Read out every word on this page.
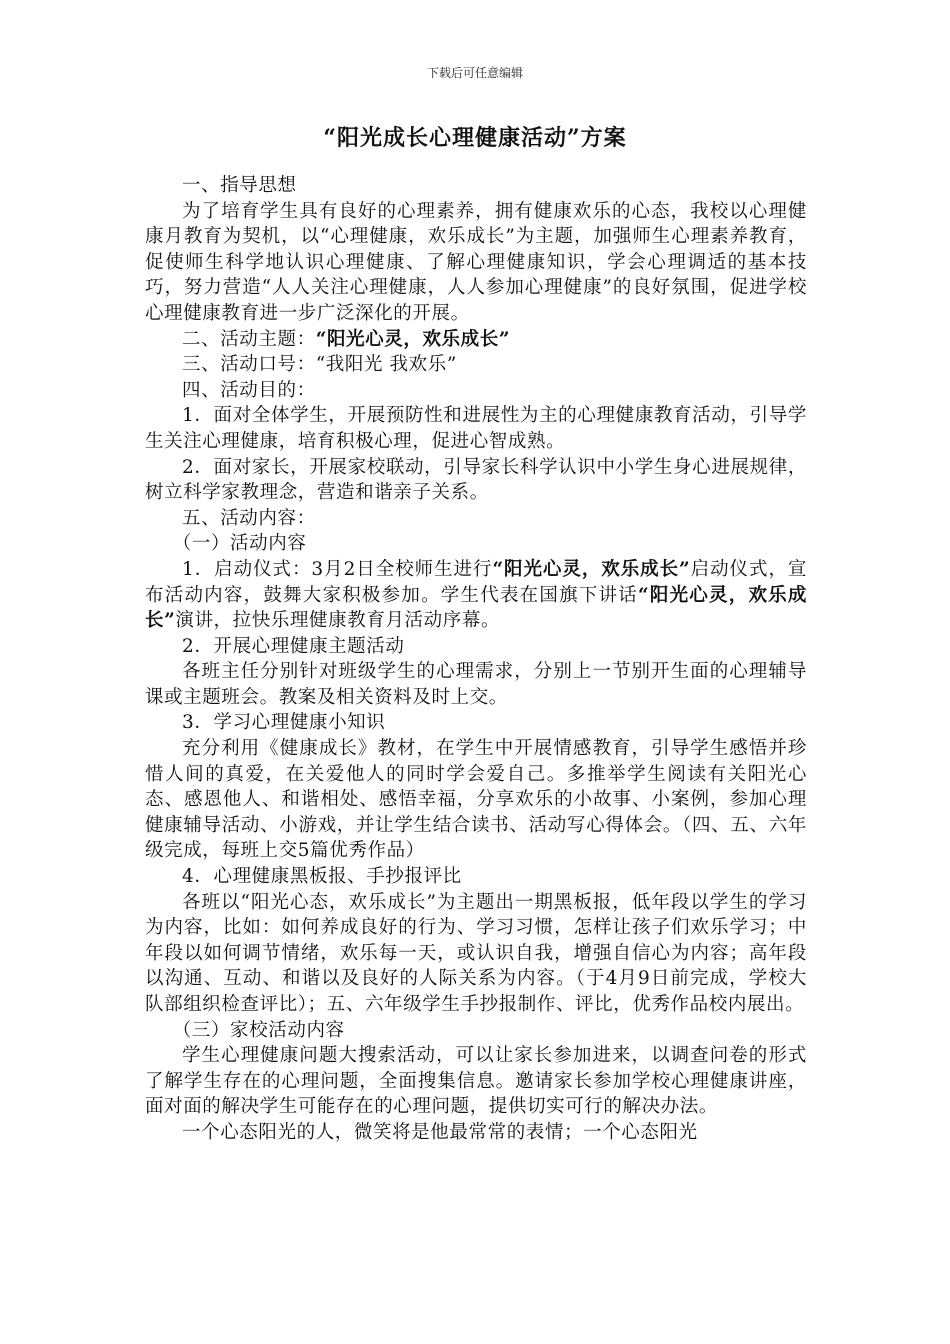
下载后可任意编辑
“阳光成长心理健康活动”方案

一、指导思想

为了培育学生具有良好的心理素养，拥有健康欢乐的心态，我校以心理健康月教育为契机，以“心理健康，欢乐成长”为主题，加强师生心理素养教育，促使师生科学地认识心理健康、了解心理健康知识，学会心理调适的基本技巧，努力营造“人人关注心理健康，人人参加心理健康”的良好氛围，促进学校心理健康教育进一步广泛深化的开展。

二、活动主题：“阳光心灵，欢乐成长”

三、活动口号：“我阳光 我欢乐”

四、活动目的：

1．面对全体学生，开展预防性和进展性为主的心理健康教育活动，引导学生关注心理健康，培育积极心理，促进心智成熟。

2．面对家长，开展家校联动，引导家长科学认识中小学生身心进展规律，树立科学家教理念，营造和谐亲子关系。

五、活动内容：

（一）活动内容

1．启动仪式：3月2日全校师生进行“阳光心灵，欢乐成长”启动仪式，宣布活动内容，鼓舞大家积极参加。学生代表在国旗下讲话“阳光心灵，欢乐成长”演讲，拉快乐理健康教育月活动序幕。

2．开展心理健康主题活动

各班主任分别针对班级学生的心理需求，分别上一节别开生面的心理辅导课或主题班会。教案及相关资料及时上交。

3．学习心理健康小知识

充分利用《健康成长》教材，在学生中开展情感教育，引导学生感悟并珍惜人间的真爱，在关爱他人的同时学会爱自己。多推举学生阅读有关阳光心态、感恩他人、和谐相处、感悟幸福，分享欢乐的小故事、小案例，参加心理健康辅导活动、小游戏，并让学生结合读书、活动写心得体会。（四、五、六年级完成，每班上交5篇优秀作品）

4．心理健康黑板报、手抄报评比

各班以“阳光心态，欢乐成长”为主题出一期黑板报，低年段以学生的学习为内容，比如：如何养成良好的行为、学习习惯，怎样让孩子们欢乐学习；中年段以如何调节情绪，欢乐每一天，或认识自我，增强自信心为内容；高年段以沟通、互动、和谐以及良好的人际关系为内容。（于4月9日前完成，学校大队部组织检查评比）；五、六年级学生手抄报制作、评比，优秀作品校内展出。

（三）家校活动内容

学生心理健康问题大搜索活动，可以让家长参加进来，以调查问卷的形式了解学生存在的心理问题，全面搜集信息。邀请家长参加学校心理健康讲座，面对面的解决学生可能存在的心理问题，提供切实可行的解决办法。

一个心态阳光的人，微笑将是他最常常的表情；一个心态阳光
